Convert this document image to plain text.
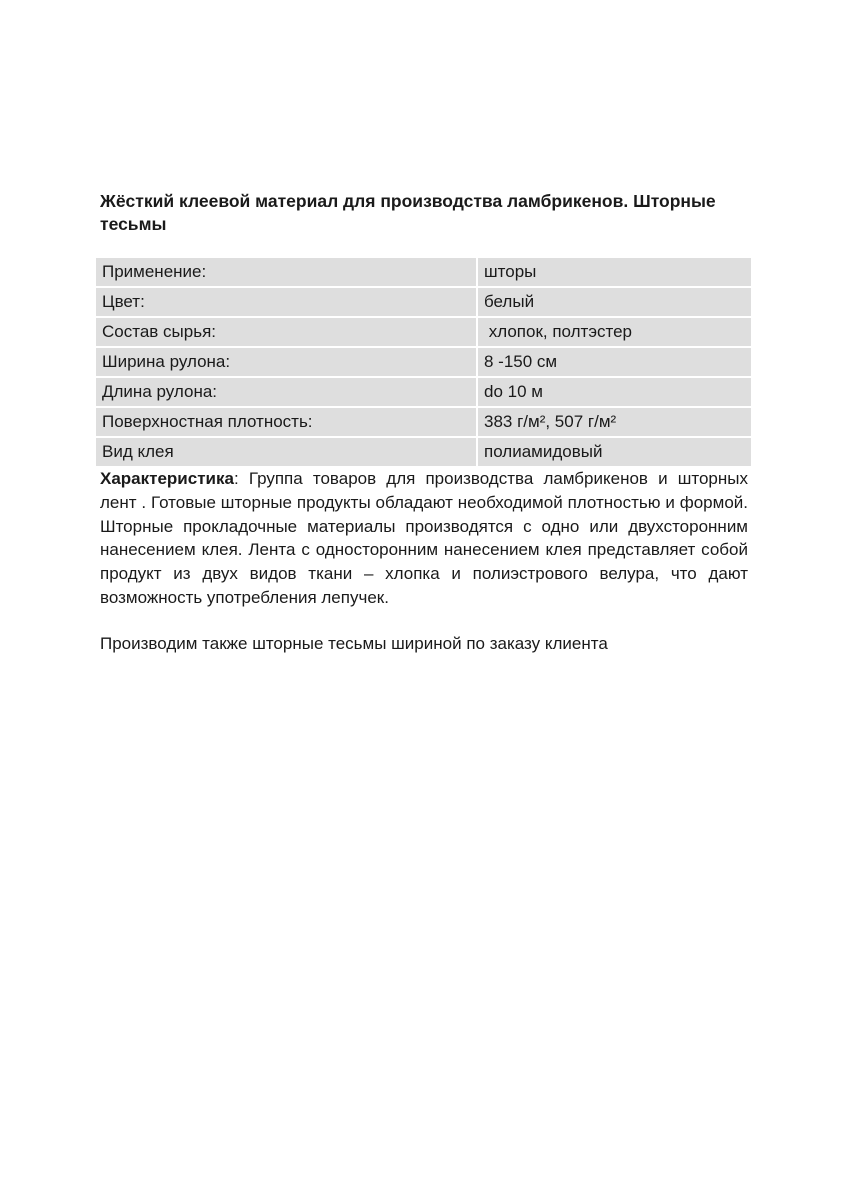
Жёсткий клеевой материал для производства ламбрикенов. Шторные тесьмы
Применение:	шторы
Цвет:	белый
Состав сырья:	хлопок, полтэстер
Ширина рулона:	8 -150 см
Длина рулона:	do 10 м
Поверхностная плотность:	383 г/м², 507 г/м²
Вид клея	полиамидовый

Характеристика: Группа товаров для производства ламбрикенов и шторных лент . Готовые шторные продукты обладают необходимой плотностью и формой. Шторные прокладочные материалы производятся с одно или двухсторонним нанесением клея. Лента с односторонним нанесением клея представляет собой продукт из двух видов ткани – хлопка и полиэстрового велура, что дают возможность употребления лепучек.

Производим также шторные тесьмы шириной по заказу клиента
